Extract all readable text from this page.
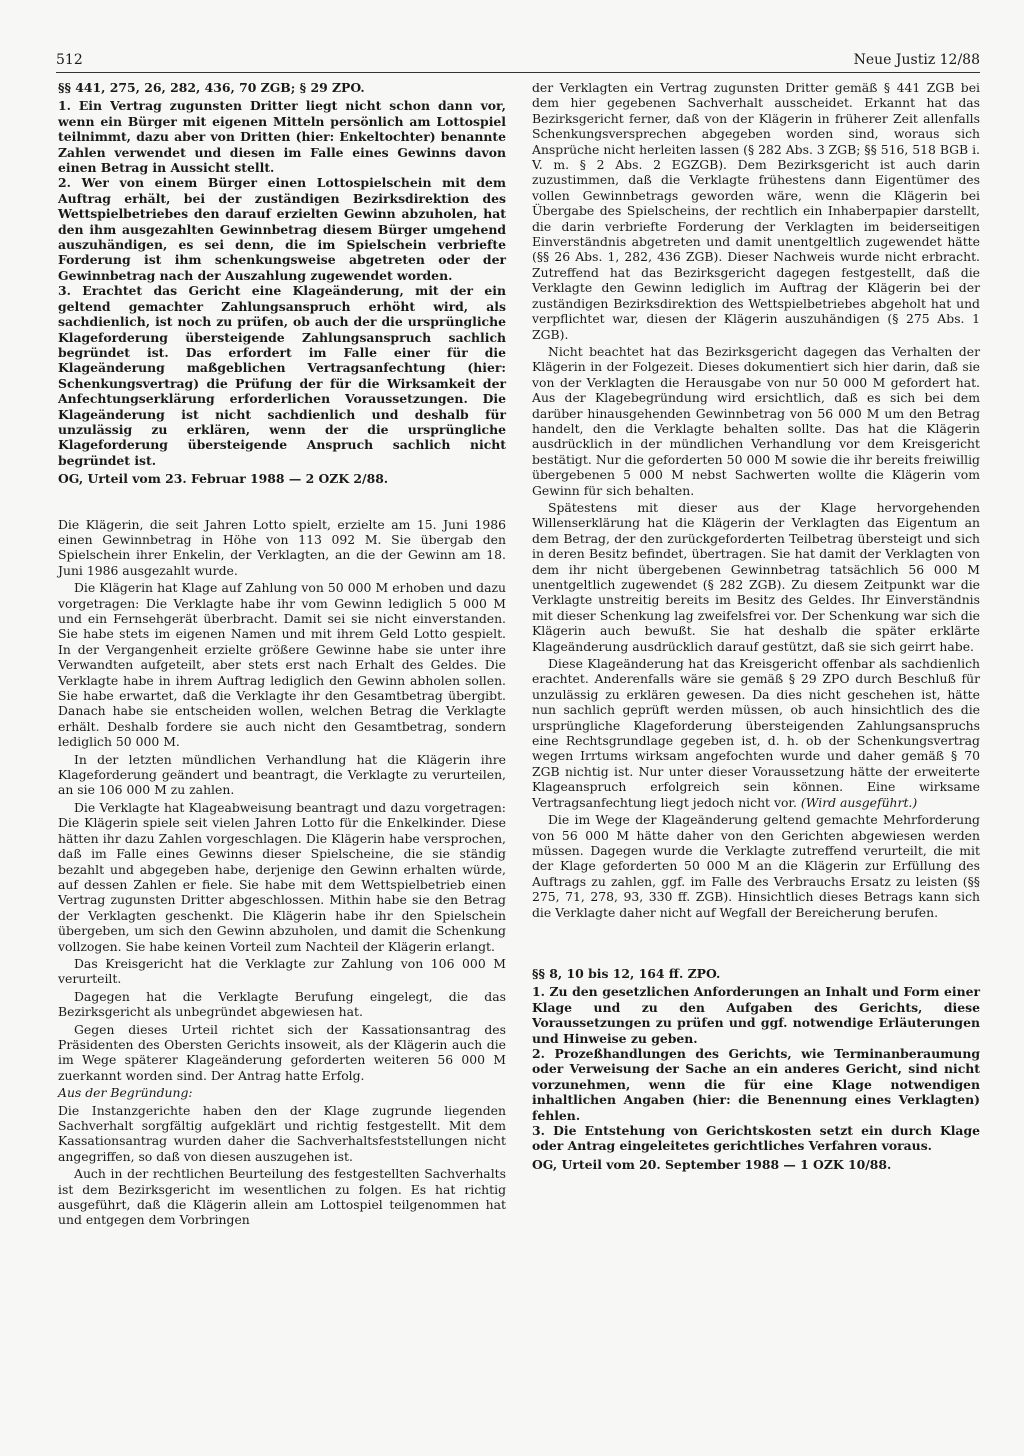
512	Neue Justiz 12/88

§§ 441, 275, 26, 282, 436, 70 ZGB; § 29 ZPO.

1. Ein Vertrag zugunsten Dritter liegt nicht schon dann vor, wenn ein Bürger mit eigenen Mitteln persönlich am Lottospiel teilnimmt, dazu aber von Dritten (hier: Enkeltochter) benannte Zahlen verwendet und diesen im Falle eines Gewinns davon einen Betrag in Aussicht stellt.

2. Wer von einem Bürger einen Lottospielschein mit dem Auftrag erhält, bei der zuständigen Bezirksdirektion des Wettspielbetriebes den darauf erzielten Gewinn abzuholen, hat den ihm ausgezahlten Gewinnbetrag diesem Bürger umgehend auszuhändigen, es sei denn, die im Spielschein verbriefte Forderung ist ihm schenkungsweise abgetreten oder der Gewinnbetrag nach der Auszahlung zugewendet worden.

3. Erachtet das Gericht eine Klageänderung, mit der ein geltend gemachter Zahlungsanspruch erhöht wird, als sachdienlich, ist noch zu prüfen, ob auch der die ursprüngliche Klageforderung übersteigende Zahlungsanspruch sachlich begründet ist. Das erfordert im Falle einer für die Klageänderung maßgeblichen Vertragsanfechtung (hier: Schenkungsvertrag) die Prüfung der für die Wirksamkeit der Anfechtungserklärung erforderlichen Voraussetzungen. Die Klageänderung ist nicht sachdienlich und deshalb für unzulässig zu erklären, wenn der die ursprüngliche Klageforderung übersteigende Anspruch sachlich nicht begründet ist.

OG, Urteil vom 23. Februar 1988 — 2 OZK 2/88.

Die Klägerin, die seit Jahren Lotto spielt, erzielte am 15. Juni 1986 einen Gewinnbetrag in Höhe von 113 092 M. Sie übergab den Spielschein ihrer Enkelin, der Verklagten, an die der Gewinn am 18. Juni 1986 ausgezahlt wurde.

Die Klägerin hat Klage auf Zahlung von 50 000 M erhoben und dazu vorgetragen: Die Verklagte habe ihr vom Gewinn lediglich 5 000 M und ein Fernsehgerät überbracht. Damit sei sie nicht einverstanden. Sie habe stets im eigenen Namen und mit ihrem Geld Lotto gespielt. In der Vergangenheit erzielte größere Gewinne habe sie unter ihre Verwandten aufgeteilt, aber stets erst nach Erhalt des Geldes. Die Verklagte habe in ihrem Auftrag lediglich den Gewinn abholen sollen. Sie habe erwartet, daß die Verklagte ihr den Gesamtbetrag übergibt. Danach habe sie entscheiden wollen, welchen Betrag die Verklagte erhält. Deshalb fordere sie auch nicht den Gesamtbetrag, sondern lediglich 50 000 M.

In der letzten mündlichen Verhandlung hat die Klägerin ihre Klageforderung geändert und beantragt, die Verklagte zu verurteilen, an sie 106 000 M zu zahlen.

Die Verklagte hat Klageabweisung beantragt und dazu vorgetragen: Die Klägerin spiele seit vielen Jahren Lotto für die Enkelkinder. Diese hätten ihr dazu Zahlen vorgeschlagen. Die Klägerin habe versprochen, daß im Falle eines Gewinns dieser Spielscheine, die sie ständig bezahlt und abgegeben habe, derjenige den Gewinn erhalten würde, auf dessen Zahlen er fiele. Sie habe mit dem Wettspielbetrieb einen Vertrag zugunsten Dritter abgeschlossen. Mithin habe sie den Betrag der Verklagten geschenkt. Die Klägerin habe ihr den Spielschein übergeben, um sich den Gewinn abzuholen, und damit die Schenkung vollzogen. Sie habe keinen Vorteil zum Nachteil der Klägerin erlangt.

Das Kreisgericht hat die Verklagte zur Zahlung von 106 000 M verurteilt.

Dagegen hat die Verklagte Berufung eingelegt, die das Bezirksgericht als unbegründet abgewiesen hat.

Gegen dieses Urteil richtet sich der Kassationsantrag des Präsidenten des Obersten Gerichts insoweit, als der Klägerin auch die im Wege späterer Klageänderung geforderten weiteren 56 000 M zuerkannt worden sind. Der Antrag hatte Erfolg.

Aus der Begründung:

Die Instanzgerichte haben den der Klage zugrunde liegenden Sachverhalt sorgfältig aufgeklärt und richtig festgestellt. Mit dem Kassationsantrag wurden daher die Sachverhaltsfeststellungen nicht angegriffen, so daß von diesen auszugehen ist.

Auch in der rechtlichen Beurteilung des festgestellten Sachverhalts ist dem Bezirksgericht im wesentlichen zu folgen. Es hat richtig ausgeführt, daß die Klägerin allein am Lottospiel teilgenommen hat und entgegen dem Vorbringen

der Verklagten ein Vertrag zugunsten Dritter gemäß § 441 ZGB bei dem hier gegebenen Sachverhalt ausscheidet. Erkannt hat das Bezirksgericht ferner, daß von der Klägerin in früherer Zeit allenfalls Schenkungsversprechen abgegeben worden sind, woraus sich Ansprüche nicht herleiten lassen (§ 282 Abs. 3 ZGB; §§ 516, 518 BGB i. V. m. § 2 Abs. 2 EGZGB). Dem Bezirksgericht ist auch darin zuzustimmen, daß die Verklagte frühestens dann Eigentümer des vollen Gewinnbetrags geworden wäre, wenn die Klägerin bei Übergabe des Spielscheins, der rechtlich ein Inhaberpapier darstellt, die darin verbriefte Forderung der Verklagten im beiderseitigen Einverständnis abgetreten und damit unentgeltlich zugewendet hätte (§§ 26 Abs. 1, 282, 436 ZGB). Dieser Nachweis wurde nicht erbracht. Zutreffend hat das Bezirksgericht dagegen festgestellt, daß die Verklagte den Gewinn lediglich im Auftrag der Klägerin bei der zuständigen Bezirksdirektion des Wettspielbetriebes abgeholt hat und verpflichtet war, diesen der Klägerin auszuhändigen (§ 275 Abs. 1 ZGB).

Nicht beachtet hat das Bezirksgericht dagegen das Verhalten der Klägerin in der Folgezeit. Dieses dokumentiert sich hier darin, daß sie von der Verklagten die Herausgabe von nur 50 000 M gefordert hat. Aus der Klagebegründung wird ersichtlich, daß es sich bei dem darüber hinausgehenden Gewinnbetrag von 56 000 M um den Betrag handelt, den die Verklagte behalten sollte. Das hat die Klägerin ausdrücklich in der mündlichen Verhandlung vor dem Kreisgericht bestätigt. Nur die geforderten 50 000 M sowie die ihr bereits freiwillig übergebenen 5 000 M nebst Sachwerten wollte die Klägerin vom Gewinn für sich behalten.

Spätestens mit dieser aus der Klage hervorgehenden Willenserklärung hat die Klägerin der Verklagten das Eigentum an dem Betrag, der den zurückgeforderten Teilbetrag übersteigt und sich in deren Besitz befindet, übertragen. Sie hat damit der Verklagten von dem ihr nicht übergebenen Gewinnbetrag tatsächlich 56 000 M unentgeltlich zugewendet (§ 282 ZGB). Zu diesem Zeitpunkt war die Verklagte unstreitig bereits im Besitz des Geldes. Ihr Einverständnis mit dieser Schenkung lag zweifelsfrei vor. Der Schenkung war sich die Klägerin auch bewußt. Sie hat deshalb die später erklärte Klageänderung ausdrücklich darauf gestützt, daß sie sich geirrt habe.

Diese Klageänderung hat das Kreisgericht offenbar als sachdienlich erachtet. Anderenfalls wäre sie gemäß § 29 ZPO durch Beschluß für unzulässig zu erklären gewesen. Da dies nicht geschehen ist, hätte nun sachlich geprüft werden müssen, ob auch hinsichtlich des die ursprüngliche Klageforderung übersteigenden Zahlungsanspruchs eine Rechtsgrundlage gegeben ist, d. h. ob der Schenkungsvertrag wegen Irrtums wirksam angefochten wurde und daher gemäß § 70 ZGB nichtig ist. Nur unter dieser Voraussetzung hätte der erweiterte Klageanspruch erfolgreich sein können. Eine wirksame Vertragsanfechtung liegt jedoch nicht vor. (Wird ausgeführt.)

Die im Wege der Klageänderung geltend gemachte Mehrforderung von 56 000 M hätte daher von den Gerichten abgewiesen werden müssen. Dagegen wurde die Verklagte zutreffend verurteilt, die mit der Klage geforderten 50 000 M an die Klägerin zur Erfüllung des Auftrags zu zahlen, ggf. im Falle des Verbrauchs Ersatz zu leisten (§§ 275, 71, 278, 93, 330 ff. ZGB). Hinsichtlich dieses Betrags kann sich die Verklagte daher nicht auf Wegfall der Bereicherung berufen.

§§ 8, 10 bis 12, 164 ff. ZPO.

1. Zu den gesetzlichen Anforderungen an Inhalt und Form einer Klage und zu den Aufgaben des Gerichts, diese Voraussetzungen zu prüfen und ggf. notwendige Erläuterungen und Hinweise zu geben.

2. Prozeßhandlungen des Gerichts, wie Terminanberaumung oder Verweisung der Sache an ein anderes Gericht, sind nicht vorzunehmen, wenn die für eine Klage notwendigen inhaltlichen Angaben (hier: die Benennung eines Verklagten) fehlen.

3. Die Entstehung von Gerichtskosten setzt ein durch Klage oder Antrag eingeleitetes gerichtliches Verfahren voraus.

OG, Urteil vom 20. September 1988 — 1 OZK 10/88.
